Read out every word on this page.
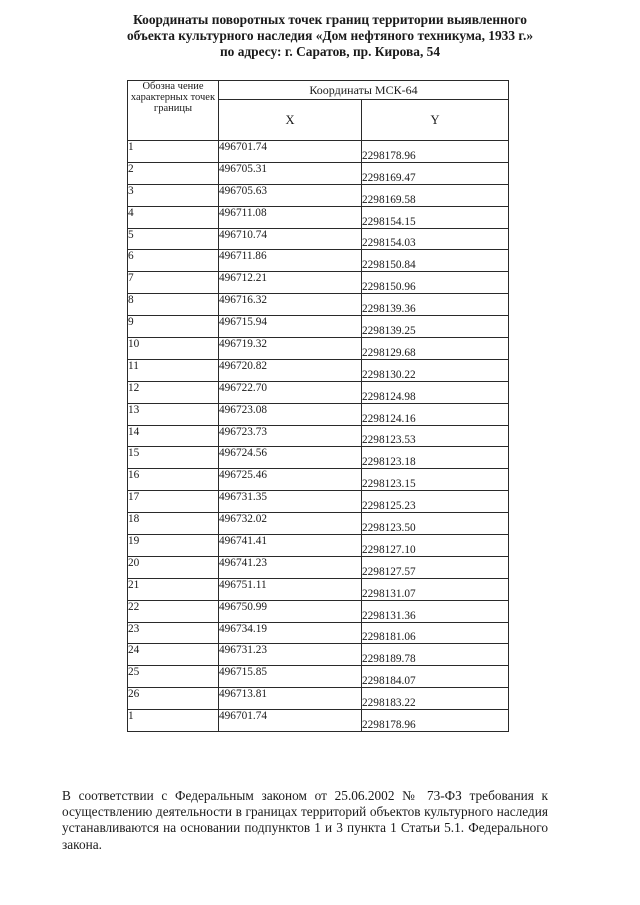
Координаты поворотных точек границ территории выявленного
объекта культурного наследия «Дом нефтяного техникума, 1933 г.»
по адресу: г. Саратов, пр. Кирова, 54
Обозна чение характерных точек границы	Координаты МСК-64	
	X	Y
1	496701.74	2298178.96
2	496705.31	2298169.47
3	496705.63	2298169.58
4	496711.08	2298154.15
5	496710.74	2298154.03
6	496711.86	2298150.84
7	496712.21	2298150.96
8	496716.32	2298139.36
9	496715.94	2298139.25
10	496719.32	2298129.68
11	496720.82	2298130.22
12	496722.70	2298124.98
13	496723.08	2298124.16
14	496723.73	2298123.53
15	496724.56	2298123.18
16	496725.46	2298123.15
17	496731.35	2298125.23
18	496732.02	2298123.50
19	496741.41	2298127.10
20	496741.23	2298127.57
21	496751.11	2298131.07
22	496750.99	2298131.36
23	496734.19	2298181.06
24	496731.23	2298189.78
25	496715.85	2298184.07
26	496713.81	2298183.22
1	496701.74	2298178.96
В соответствии с Федеральным законом от 25.06.2002 № 73-ФЗ требования к осуществлению деятельности в границах территорий объектов культурного наследия устанавливаются на основании подпунктов 1 и 3 пункта 1 Статьи 5.1. Федерального закона.
